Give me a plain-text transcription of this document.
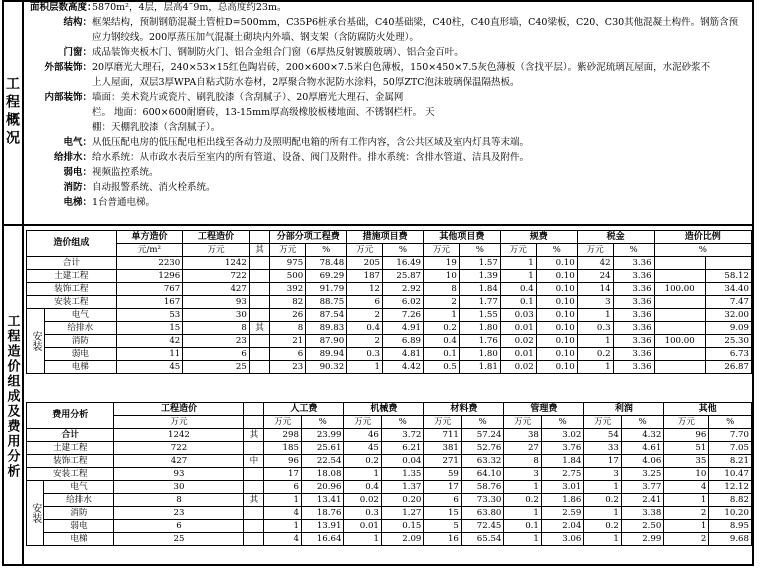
工程概况
面积层数高度：5870m²，4层，层高4˜9m，总高度约23m。
结构：框架结构，预制钢筋混凝土管桩D=500mm，C35P6桩承台基础，C40基础梁，C40柱，C40直形墙，C40梁板，C20、C30其他混凝土构件。钢筋含预
应力钢绞线。200厚蒸压加气混凝土砌块内外墙、钢支架（含防腐防火处理）。
门窗：成品装饰夹板木门、钢制防火门、铝合金组合门窗（6厚热反射镀膜玻璃）、铝合金百叶。
外部装饰：20厚磨光大理石，240×53×15红色陶岩砖，200×600×7.5米白色薄板，150×450×7.5灰色薄板（含找平层）。紫砂泥琉璃瓦屋面，水泥砂浆不
上人屋面，双层3厚WPA自粘式防水卷材，2厚聚合物水泥防水涂料，50厚ZTC泡沫玻璃保温隔热板。
内部装饰：墙面：美术瓷片或瓷片、刷乳胶漆（含刮腻子）、20厚磨光大理石、金属网
栏。 地面：600×600耐磨砖，13-15mm厚高级橡胶板楼地面、不锈钢栏杆。 天
棚：天棚乳胶漆（含刮腻子）。
电气：从低压配电房的低压配电柜出线至各动力及照明配电箱的所有工作内容，含公共区域及室内灯具等末端。
给排水：给水系统：从市政水表后至室内的所有管道、设备、阀门及附件。排水系统：含排水管道、洁具及附件。
弱电：视频监控系统。
消防：自动报警系统、消火栓系统。
电梯：1台普通电梯。
工程造价组成及费用分析
造价组成		单方造价	工程造价		分部分项工程费		措施项目费		其他项目费		规费		税金		造价比例	
		元/m²	万元	其	万元	%	万元	%	万元	%	万元	%	万元	%	%	
合计		2230	1242		975	78.48	205	16.49	19	1.57	1	0.10	42	3.36		
土建工程		1296	722		500	69.29	187	25.87	10	1.39	1	0.10	24	3.36		58.12
装饰工程		767	427		392	91.79	12	2.92	8	1.84	0.4	0.10	14	3.36	100.00	34.40
安装工程		167	93		82	88.75	6	6.02	2	1.77	0.1	0.10	3	3.36		7.47
安装	电气	53	30		26	87.54	2	7.26	1	1.55	0.03	0.10	1	3.36		32.00
	给排水	15	8	其	8	89.83	0.4	4.91	0.2	1.80	0.01	0.10	0.3	3.36		9.09
	消防	42	23		21	87.90	2	6.89	0.4	1.76	0.02	0.10	1	3.36	100.00	25.30
	弱电	11	6		6	89.94	0.3	4.81	0.1	1.80	0.01	0.10	0.2	3.36		6.73
	电梯	45	25		23	90.32	1	4.42	0.5	1.81	0.02	0.10	1	3.36		26.87
费用分析		工程造价		人工费		机械费		材料费		管理费		利润		其他	
		万元		万元	%	万元	%	万元	%	万元	%	万元	%	万元	%
合计		1242	其	298	23.99	46	3.72	711	57.24	38	3.02	54	4.32	96	7.70
土建工程		722		185	25.61	45	6.21	381	52.76	27	3.76	33	4.61	51	7.05
装饰工程		427	中	96	22.54	0.2	0.04	271	63.32	8	1.84	17	4.06	35	8.21
安装工程		93		17	18.08	1	1.35	59	64.10	3	2.75	3	3.25	10	10.47
安装	电气	30		6	20.96	0.4	1.37	17	58.76	1	3.01	1	3.77	4	12.12
	给排水	8	其	1	13.41	0.02	0.20	6	73.30	0.2	1.86	0.2	2.41	1	8.82
	消防	23		4	18.76	0.3	1.27	15	63.80	1	2.59	1	3.38	2	10.20
	弱电	6		1	13.91	0.01	0.15	5	72.45	0.1	2.04	0.2	2.50	1	8.95
	电梯	25		4	16.64	1	2.09	16	65.54	1	3.06	1	2.99	2	9.68
